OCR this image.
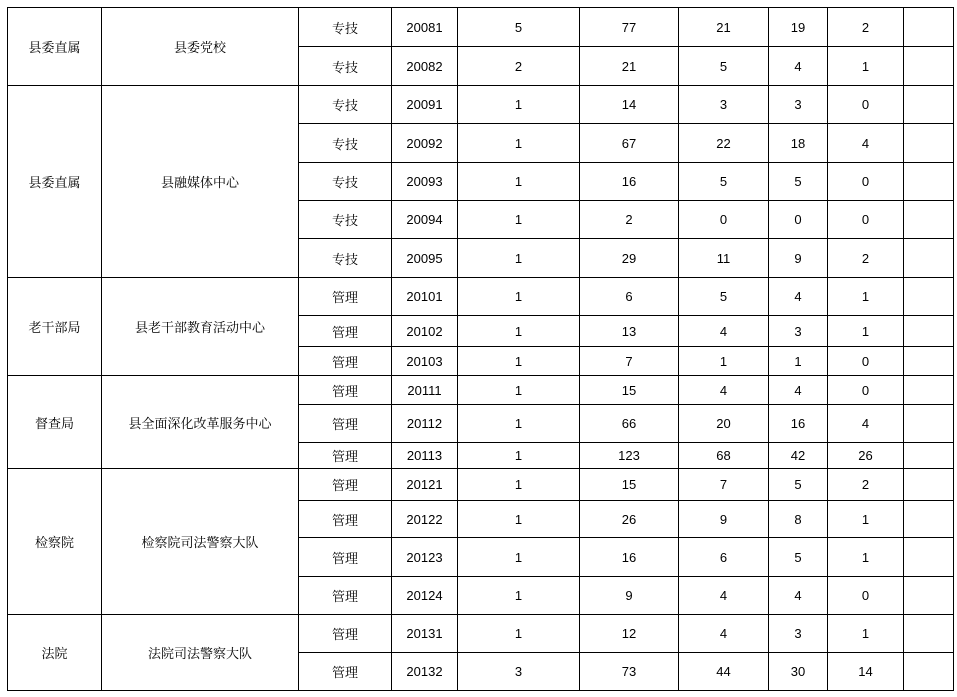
县委直属	县委党校	专技	20081	5	77	21	19	2	
		专技	20082	2	21	5	4	1	
县委直属	县融媒体中心	专技	20091	1	14	3	3	0	
		专技	20092	1	67	22	18	4	
		专技	20093	1	16	5	5	0	
		专技	20094	1	2	0	0	0	
		专技	20095	1	29	11	9	2	
老干部局	县老干部教育活动中心	管理	20101	1	6	5	4	1	
		管理	20102	1	13	4	3	1	
		管理	20103	1	7	1	1	0	
督查局	县全面深化改革服务中心	管理	20111	1	15	4	4	0	
		管理	20112	1	66	20	16	4	
		管理	20113	1	123	68	42	26	
检察院	检察院司法警察大队	管理	20121	1	15	7	5	2	
		管理	20122	1	26	9	8	1	
		管理	20123	1	16	6	5	1	
		管理	20124	1	9	4	4	0	
法院	法院司法警察大队	管理	20131	1	12	4	3	1	
		管理	20132	3	73	44	30	14	
